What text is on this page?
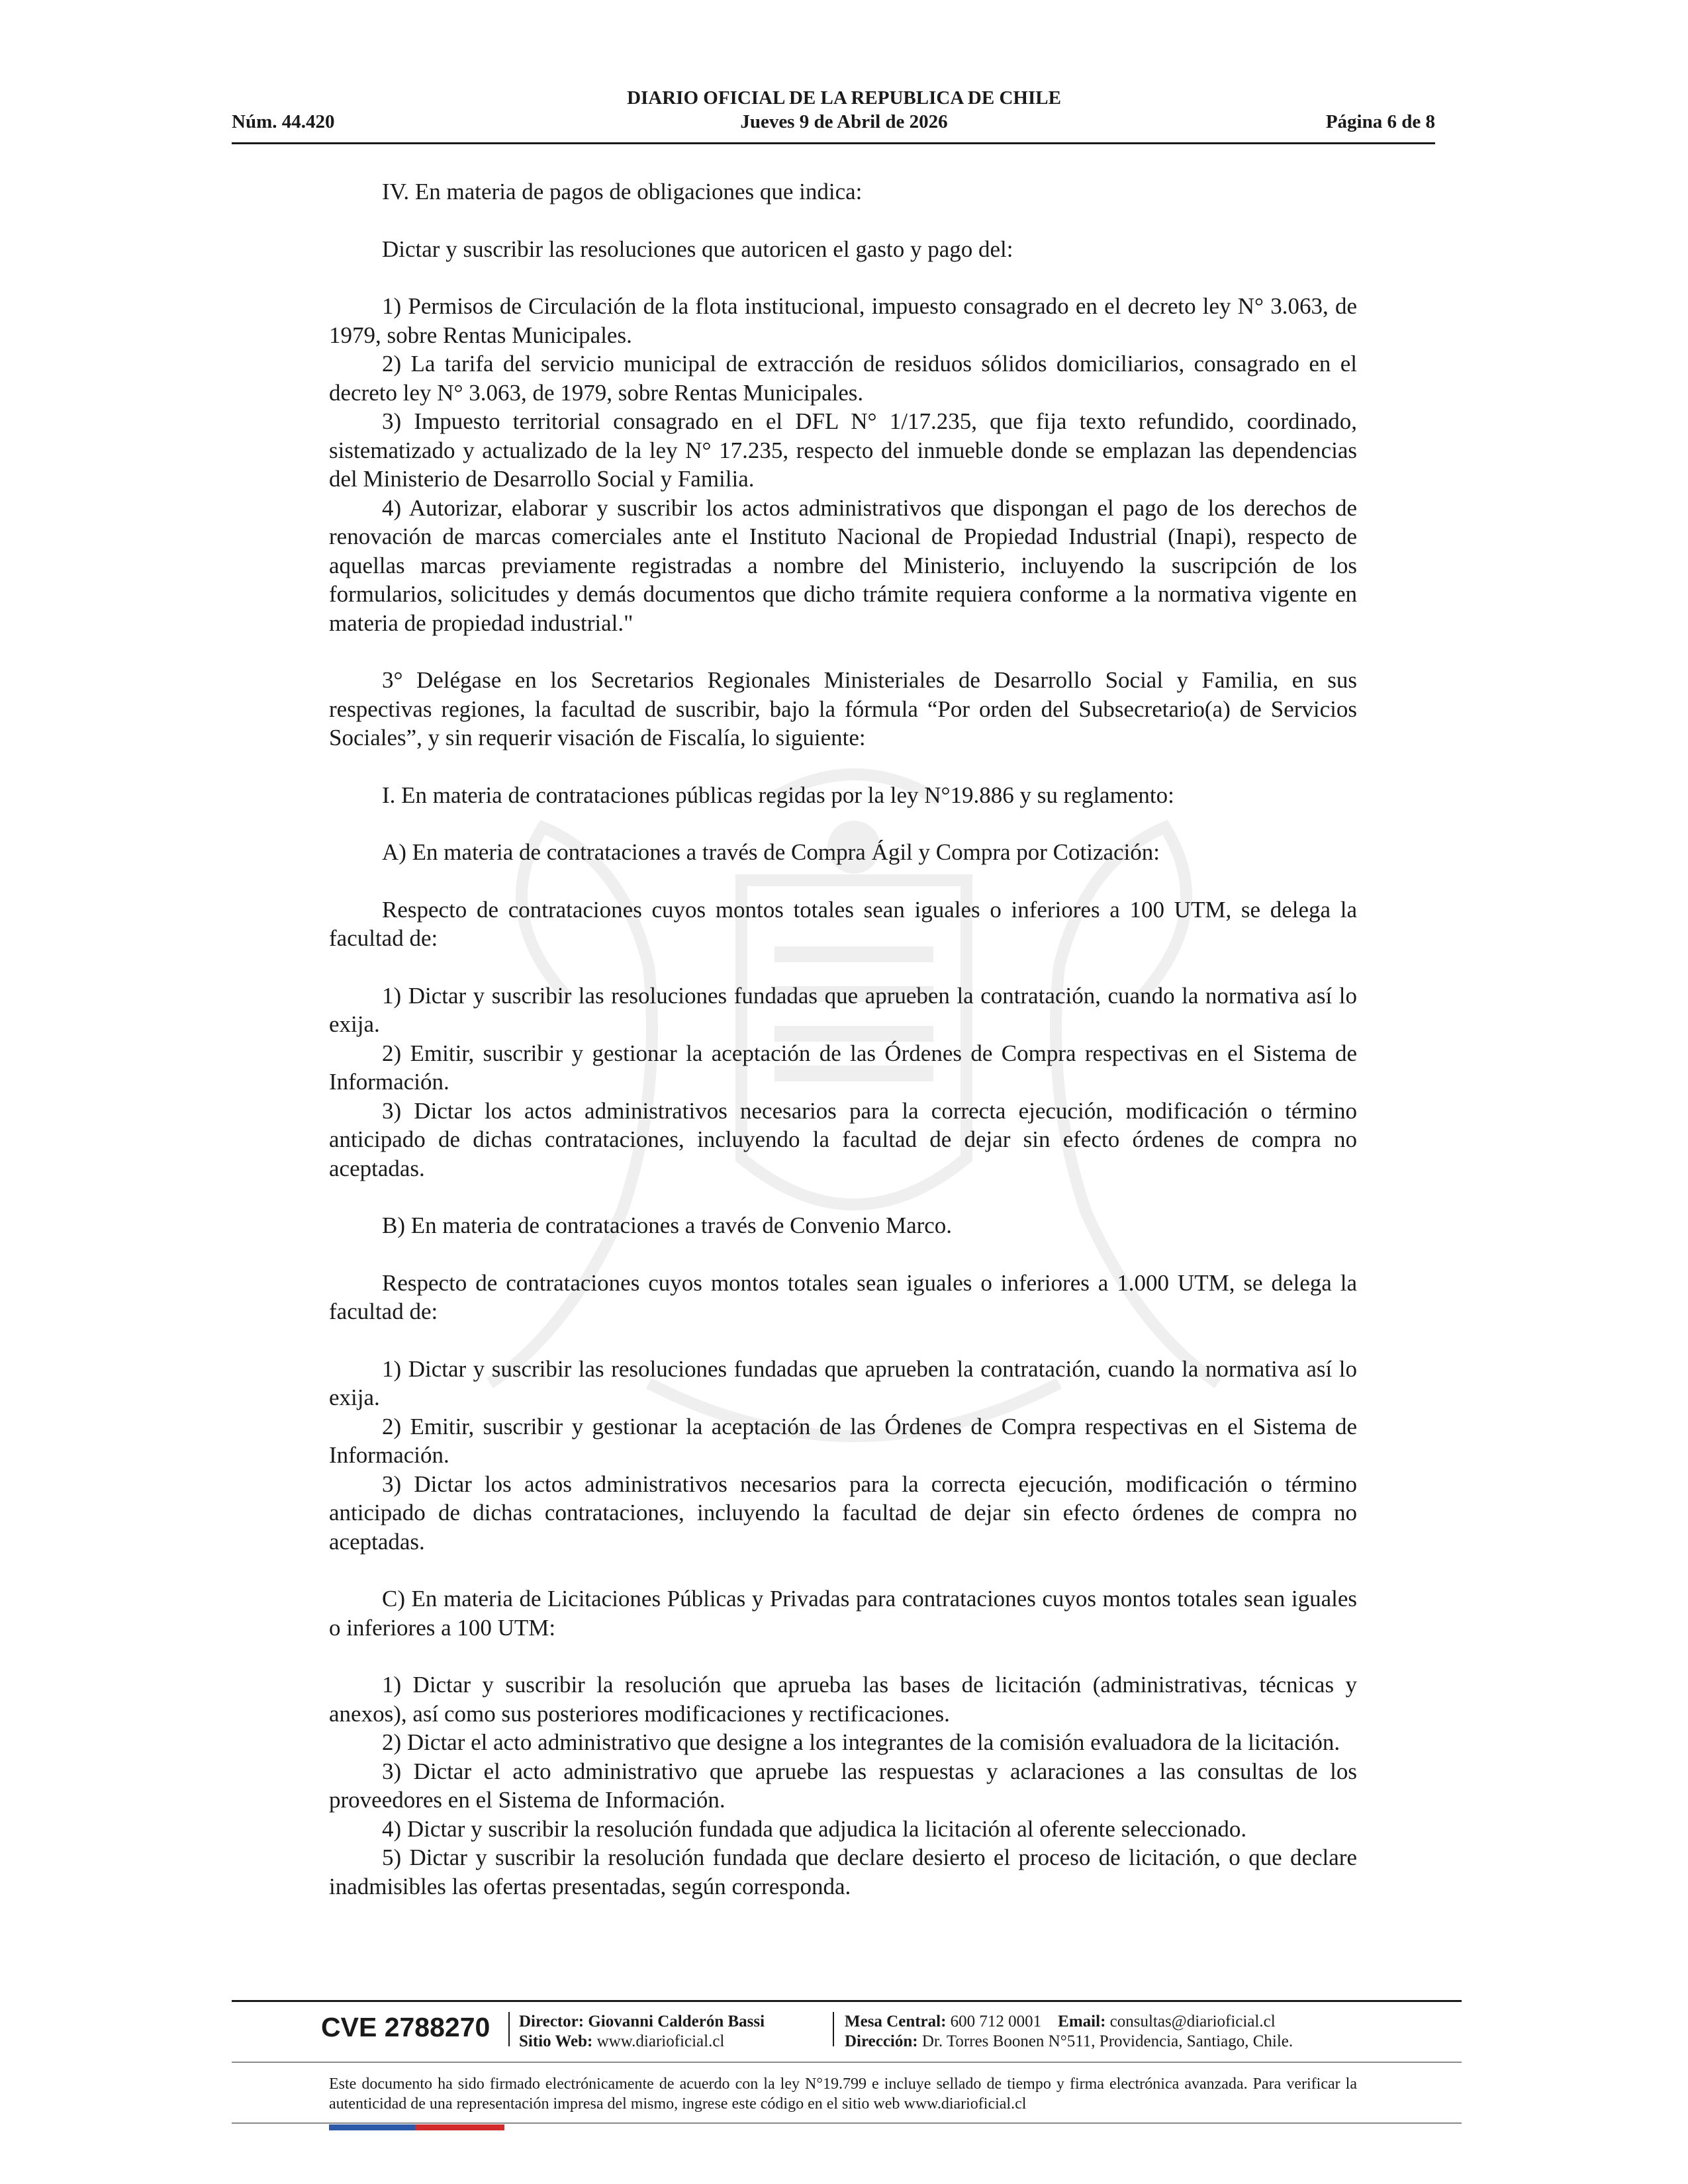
DIARIO OFICIAL DE LA REPUBLICA DE CHILE
Núm. 44.420	Jueves 9 de Abril de 2026	Página 6 de 8

IV. En materia de pagos de obligaciones que indica:

Dictar y suscribir las resoluciones que autoricen el gasto y pago del:

1) Permisos de Circulación de la flota institucional, impuesto consagrado en el decreto ley N° 3.063, de 1979, sobre Rentas Municipales.

2) La tarifa del servicio municipal de extracción de residuos sólidos domiciliarios, consagrado en el decreto ley N° 3.063, de 1979, sobre Rentas Municipales.

3) Impuesto territorial consagrado en el DFL N° 1/17.235, que fija texto refundido, coordinado, sistematizado y actualizado de la ley N° 17.235, respecto del inmueble donde se emplazan las dependencias del Ministerio de Desarrollo Social y Familia.

4) Autorizar, elaborar y suscribir los actos administrativos que dispongan el pago de los derechos de renovación de marcas comerciales ante el Instituto Nacional de Propiedad Industrial (Inapi), respecto de aquellas marcas previamente registradas a nombre del Ministerio, incluyendo la suscripción de los formularios, solicitudes y demás documentos que dicho trámite requiera conforme a la normativa vigente en materia de propiedad industrial."

3° Delégase en los Secretarios Regionales Ministeriales de Desarrollo Social y Familia, en sus respectivas regiones, la facultad de suscribir, bajo la fórmula “Por orden del Subsecretario(a) de Servicios Sociales”, y sin requerir visación de Fiscalía, lo siguiente:

I. En materia de contrataciones públicas regidas por la ley N°19.886 y su reglamento:

A) En materia de contrataciones a través de Compra Ágil y Compra por Cotización:

Respecto de contrataciones cuyos montos totales sean iguales o inferiores a 100 UTM, se delega la facultad de:

1) Dictar y suscribir las resoluciones fundadas que aprueben la contratación, cuando la normativa así lo exija.

2) Emitir, suscribir y gestionar la aceptación de las Órdenes de Compra respectivas en el Sistema de Información.

3) Dictar los actos administrativos necesarios para la correcta ejecución, modificación o término anticipado de dichas contrataciones, incluyendo la facultad de dejar sin efecto órdenes de compra no aceptadas.

B) En materia de contrataciones a través de Convenio Marco.

Respecto de contrataciones cuyos montos totales sean iguales o inferiores a 1.000 UTM, se delega la facultad de:

1) Dictar y suscribir las resoluciones fundadas que aprueben la contratación, cuando la normativa así lo exija.

2) Emitir, suscribir y gestionar la aceptación de las Órdenes de Compra respectivas en el Sistema de Información.

3) Dictar los actos administrativos necesarios para la correcta ejecución, modificación o término anticipado de dichas contrataciones, incluyendo la facultad de dejar sin efecto órdenes de compra no aceptadas.

C) En materia de Licitaciones Públicas y Privadas para contrataciones cuyos montos totales sean iguales o inferiores a 100 UTM:

1) Dictar y suscribir la resolución que aprueba las bases de licitación (administrativas, técnicas y anexos), así como sus posteriores modificaciones y rectificaciones.

2) Dictar el acto administrativo que designe a los integrantes de la comisión evaluadora de la licitación.

3) Dictar el acto administrativo que apruebe las respuestas y aclaraciones a las consultas de los proveedores en el Sistema de Información.

4) Dictar y suscribir la resolución fundada que adjudica la licitación al oferente seleccionado.

5) Dictar y suscribir la resolución fundada que declare desierto el proceso de licitación, o que declare inadmisibles las ofertas presentadas, según corresponda.

CVE 2788270 Director: Giovanni Calderón Bassi
Sitio Web: www.diarioficial.cl
Mesa Central: 600 712 0001 Email: consultas@diarioficial.cl
Dirección: Dr. Torres Boonen N°511, Providencia, Santiago, Chile.
Este documento ha sido firmado electrónicamente de acuerdo con la ley N°19.799 e incluye sellado de tiempo y firma electrónica avanzada. Para verificar la autenticidad de una representación impresa del mismo, ingrese este código en el sitio web www.diarioficial.cl
